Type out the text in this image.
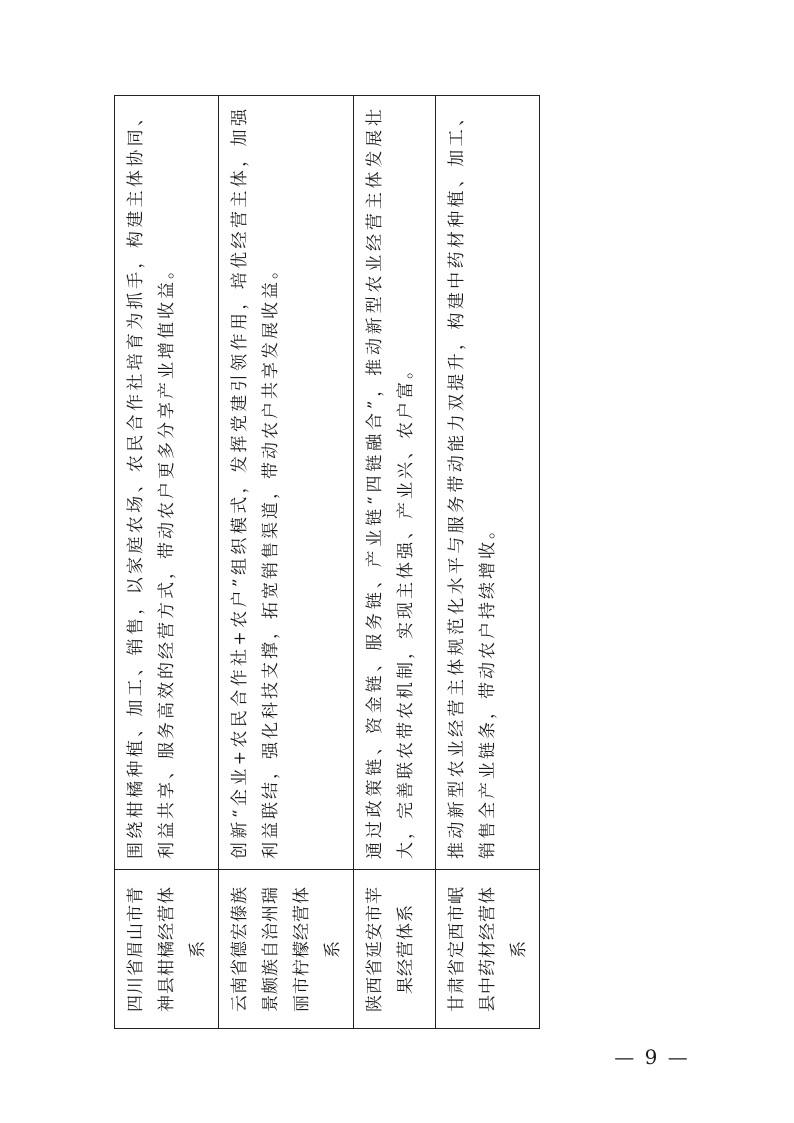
四川省眉山市青神县柑橘经营体系	围绕柑橘种植、加工、销售，以家庭农场、农民合作社培育为抓手，构建主体协同、利益共享、服务高效的经营方式，带动农户更多分享产业增值收益。
云南省德宏傣族景颇族自治州瑞丽市柠檬经营体系	创新“企业+农民合作社+农户”组织模式，发挥党建引领作用，培优经营主体，加强利益联结，强化科技支撑，拓宽销售渠道，带动农户共享发展收益。
陕西省延安市苹果经营体系	通过政策链、资金链、服务链、产业链“四链融合”，推动新型农业经营主体发展壮大，完善联农带农机制，实现主体强、产业兴、农户富。
甘肃省定西市岷县中药材经营体系	推动新型农业经营主体规范化水平与服务带动能力双提升，构建中药材种植、加工、销售全产业链条，带动农户持续增收。
— 9 —
